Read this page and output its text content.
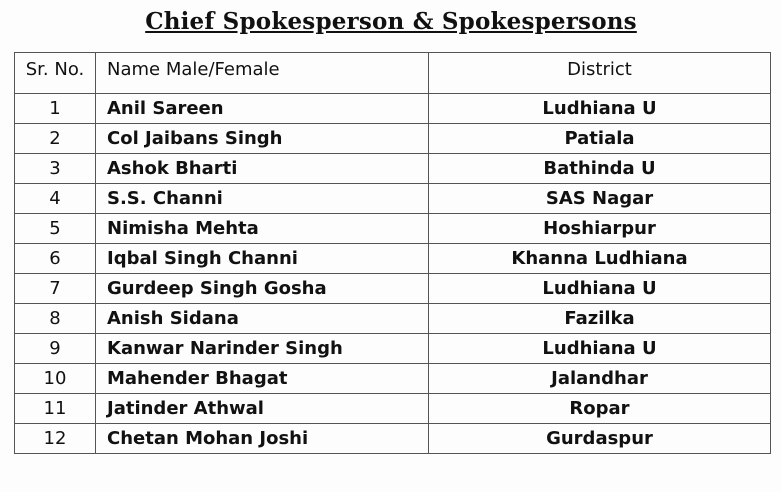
Chief Spokesperson & Spokespersons
Sr. No.	Name Male/Female	District
1	Anil Sareen	Ludhiana U
2	Col Jaibans Singh	Patiala
3	Ashok Bharti	Bathinda U
4	S.S. Channi	SAS Nagar
5	Nimisha Mehta	Hoshiarpur
6	Iqbal Singh Channi	Khanna Ludhiana
7	Gurdeep Singh Gosha	Ludhiana U
8	Anish Sidana	Fazilka
9	Kanwar Narinder Singh	Ludhiana U
10	Mahender Bhagat	Jalandhar
11	Jatinder Athwal	Ropar
12	Chetan Mohan Joshi	Gurdaspur
